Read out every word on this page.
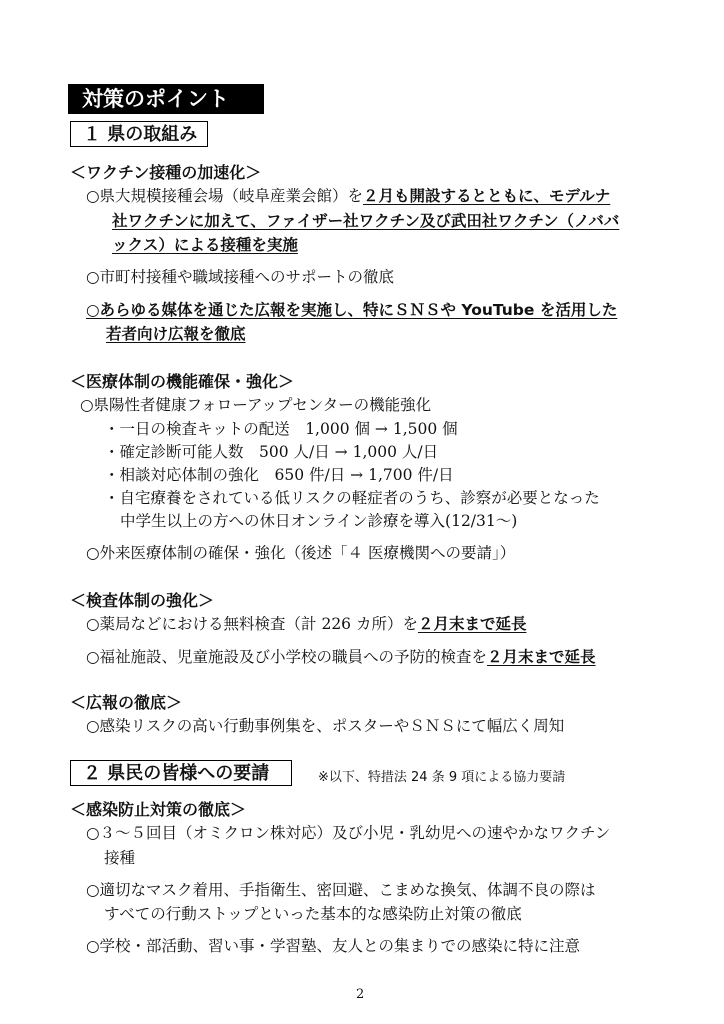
対策のポイント
１ 県の取組み
＜ワクチン接種の加速化＞
○県大規模接種会場（岐阜産業会館）を２月も開設するとともに、モデルナ
社ワクチンに加えて、ファイザー社ワクチン及び武田社ワクチン（ノババ
ックス）による接種を実施
○市町村接種や職域接種へのサポートの徹底
○あらゆる媒体を通じた広報を実施し、特にＳＮＳや YouTube を活用した
若者向け広報を徹底
＜医療体制の機能確保・強化＞
○県陽性者健康フォローアップセンターの機能強化
・一日の検査キットの配送　1,000 個 → 1,500 個
・確定診断可能人数　500 人/日 → 1,000 人/日
・相談対応体制の強化　650 件/日 → 1,700 件/日
・自宅療養をされている低リスクの軽症者のうち、診察が必要となった
中学生以上の方への休日オンライン診療を導入(12/31～)
○外来医療体制の確保・強化（後述「４ 医療機関への要請」）
＜検査体制の強化＞
○薬局などにおける無料検査（計 226 カ所）を２月末まで延長
○福祉施設、児童施設及び小学校の職員への予防的検査を２月末まで延長
＜広報の徹底＞
○感染リスクの高い行動事例集を、ポスターやＳＮＳにて幅広く周知
２ 県民の皆様への要請	※以下、特措法 24 条 9 項による協力要請
＜感染防止対策の徹底＞
○３～５回目（オミクロン株対応）及び小児・乳幼児への速やかなワクチン
接種
○適切なマスク着用、手指衛生、密回避、こまめな換気、体調不良の際は
すべての行動ストップといった基本的な感染防止対策の徹底
○学校・部活動、習い事・学習塾、友人との集まりでの感染に特に注意
2
